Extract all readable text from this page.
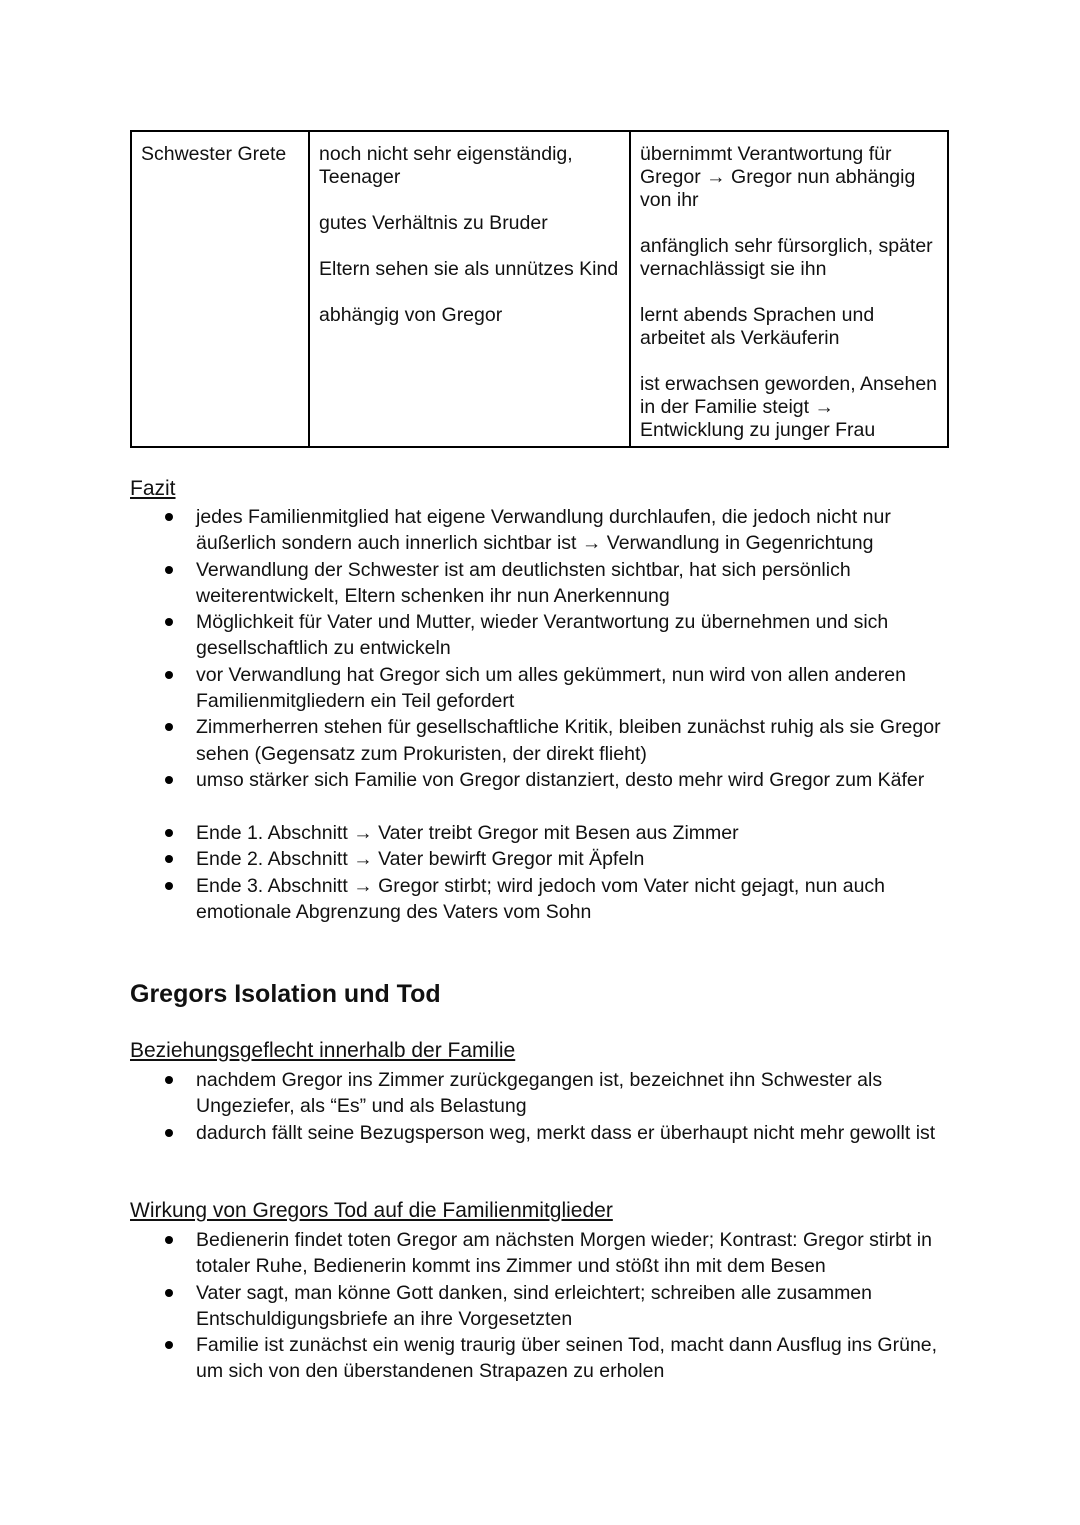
Schwester Grete	noch nicht sehr eigenständig, Teenager

gutes Verhältnis zu Bruder

Eltern sehen sie als unnützes Kind

abhängig von Gregor

übernimmt Verantwortung für Gregor → Gregor nun abhängig von ihr

anfänglich sehr fürsorglich, später vernachlässigt sie ihn

lernt abends Sprachen und arbeitet als Verkäuferin

ist erwachsen geworden, Ansehen in der Familie steigt → Entwicklung zu junger Frau

Fazit
jedes Familienmitglied hat eigene Verwandlung durchlaufen, die jedoch nicht nur äußerlich sondern auch innerlich sichtbar ist → Verwandlung in Gegenrichtung
Verwandlung der Schwester ist am deutlichsten sichtbar, hat sich persönlich weiterentwickelt, Eltern schenken ihr nun Anerkennung
Möglichkeit für Vater und Mutter, wieder Verantwortung zu übernehmen und sich gesellschaftlich zu entwickeln
vor Verwandlung hat Gregor sich um alles gekümmert, nun wird von allen anderen Familienmitgliedern ein Teil gefordert
Zimmerherren stehen für gesellschaftliche Kritik, bleiben zunächst ruhig als sie Gregor sehen (Gegensatz zum Prokuristen, der direkt flieht)
umso stärker sich Familie von Gregor distanziert, desto mehr wird Gregor zum Käfer
Ende 1. Abschnitt → Vater treibt Gregor mit Besen aus Zimmer
Ende 2. Abschnitt → Vater bewirft Gregor mit Äpfeln
Ende 3. Abschnitt → Gregor stirbt; wird jedoch vom Vater nicht gejagt, nun auch emotionale Abgrenzung des Vaters vom Sohn
Gregors Isolation und Tod
Beziehungsgeflecht innerhalb der Familie
nachdem Gregor ins Zimmer zurückgegangen ist, bezeichnet ihn Schwester als Ungeziefer, als “Es” und als Belastung
dadurch fällt seine Bezugsperson weg, merkt dass er überhaupt nicht mehr gewollt ist
Wirkung von Gregors Tod auf die Familienmitglieder
Bedienerin findet toten Gregor am nächsten Morgen wieder; Kontrast: Gregor stirbt in totaler Ruhe, Bedienerin kommt ins Zimmer und stößt ihn mit dem Besen
Vater sagt, man könne Gott danken, sind erleichtert; schreiben alle zusammen Entschuldigungsbriefe an ihre Vorgesetzten
Familie ist zunächst ein wenig traurig über seinen Tod, macht dann Ausflug ins Grüne, um sich von den überstandenen Strapazen zu erholen
